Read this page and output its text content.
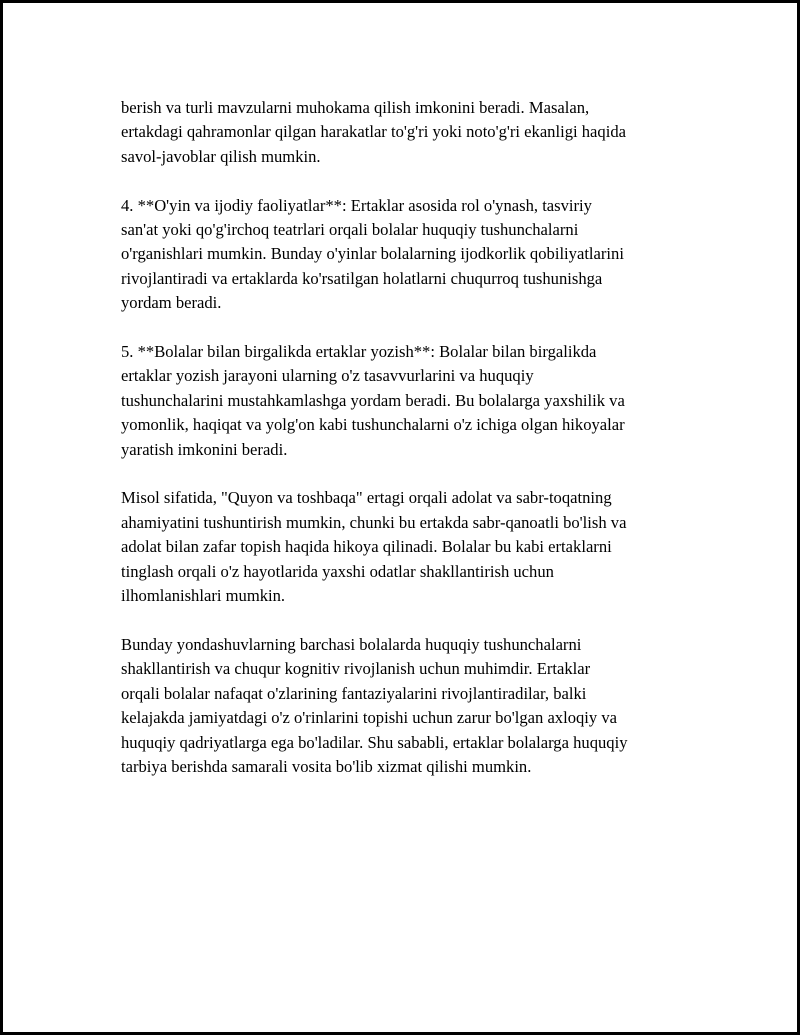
berish va turli mavzularni muhokama qilish imkonini beradi. Masalan,
ertakdagi qahramonlar qilgan harakatlar to'g'ri yoki noto'g'ri ekanligi haqida
savol-javoblar qilish mumkin.

4. **O'yin va ijodiy faoliyatlar**: Ertaklar asosida rol o'ynash, tasviriy
san'at yoki qo'g'irchoq teatrlari orqali bolalar huquqiy tushunchalarni
o'rganishlari mumkin. Bunday o'yinlar bolalarning ijodkorlik qobiliyatlarini
rivojlantiradi va ertaklarda ko'rsatilgan holatlarni chuqurroq tushunishga
yordam beradi.

5. **Bolalar bilan birgalikda ertaklar yozish**: Bolalar bilan birgalikda
ertaklar yozish jarayoni ularning o'z tasavvurlarini va huquqiy
tushunchalarini mustahkamlashga yordam beradi. Bu bolalarga yaxshilik va
yomonlik, haqiqat va yolg'on kabi tushunchalarni o'z ichiga olgan hikoyalar
yaratish imkonini beradi.

Misol sifatida, "Quyon va toshbaqa" ertagi orqali adolat va sabr-toqatning
ahamiyatini tushuntirish mumkin, chunki bu ertakda sabr-qanoatli bo'lish va
adolat bilan zafar topish haqida hikoya qilinadi. Bolalar bu kabi ertaklarni
tinglash orqali o'z hayotlarida yaxshi odatlar shakllantirish uchun
ilhomlanishlari mumkin.

Bunday yondashuvlarning barchasi bolalarda huquqiy tushunchalarni
shakllantirish va chuqur kognitiv rivojlanish uchun muhimdir. Ertaklar
orqali bolalar nafaqat o'zlarining fantaziyalarini rivojlantiradilar, balki
kelajakda jamiyatdagi o'z o'rinlarini topishi uchun zarur bo'lgan axloqiy va
huquqiy qadriyatlarga ega bo'ladilar. Shu sababli, ertaklar bolalarga huquqiy
tarbiya berishda samarali vosita bo'lib xizmat qilishi mumkin.
